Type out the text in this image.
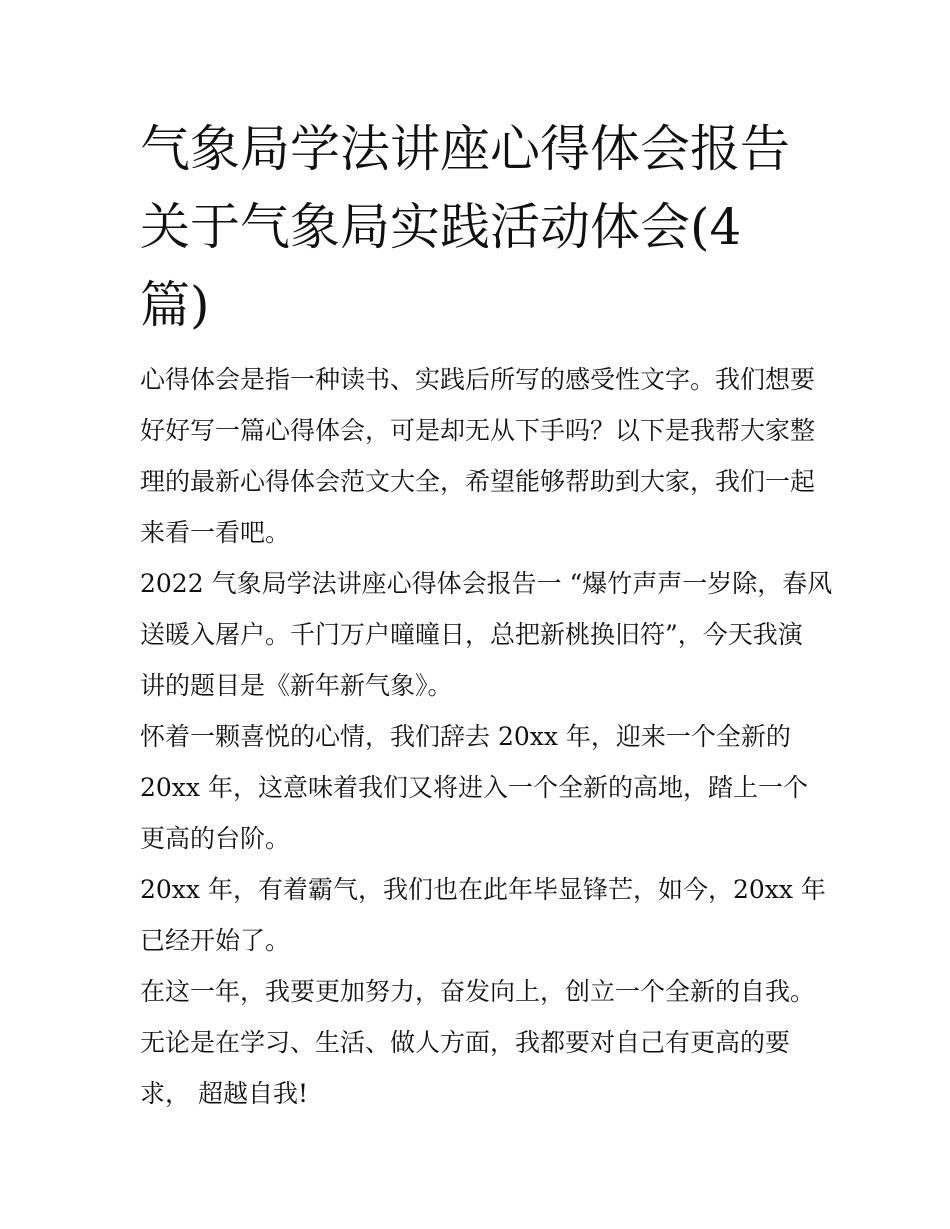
气象局学法讲座心得体会报告
关于气象局实践活动体会(4
篇)

心得体会是指一种读书、实践后所写的感受性文字。我们想要
好好写一篇心得体会，可是却无从下手吗？以下是我帮大家整
理的最新心得体会范文大全，希望能够帮助到大家，我们一起
来看一看吧。

2022 气象局学法讲座心得体会报告一 “爆竹声声一岁除，春风
送暖入屠户。千门万户曈曈日，总把新桃换旧符”，今天我演
讲的题目是《新年新气象》。

怀着一颗喜悦的心情，我们辞去 20xx 年，迎来一个全新的
20xx 年，这意味着我们又将进入一个全新的高地，踏上一个
更高的台阶。

20xx 年，有着霸气，我们也在此年毕显锋芒，如今，20xx 年
已经开始了。

在这一年，我要更加努力，奋发向上，创立一个全新的自我。
无论是在学习、生活、做人方面，我都要对自己有更高的要
求， 超越自我!
